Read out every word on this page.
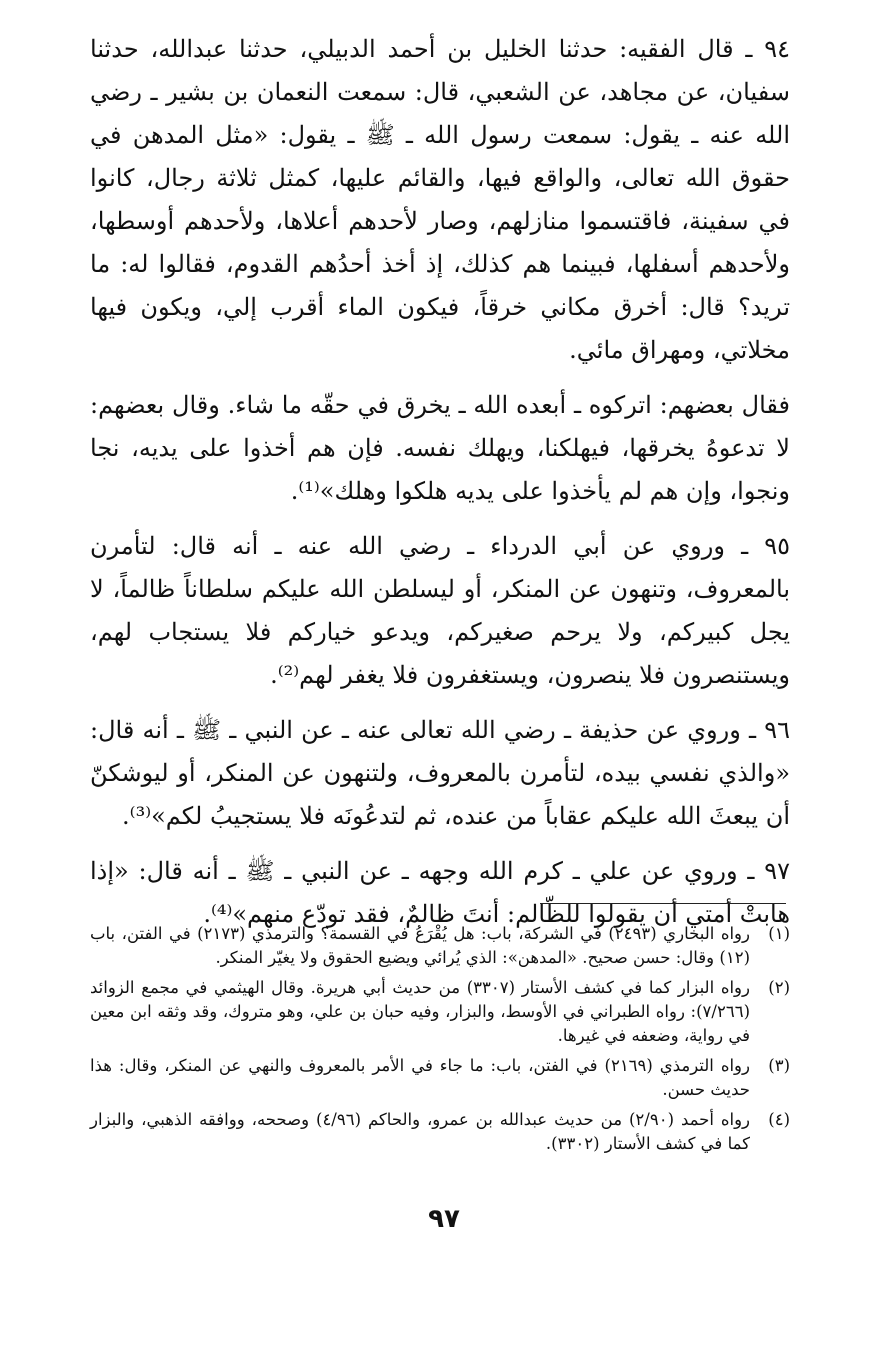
٩٤ ـ قال الفقيه: حدثنا الخليل بن أحمد الدبيلي، حدثنا عبدالله، حدثنا سفيان، عن مجاهد، عن الشعبي، قال: سمعت النعمان بن بشير ـ رضي الله عنه ـ يقول: سمعت رسول الله ـ ﷺ ـ يقول: «مثل المدهن في حقوق الله تعالى، والواقع فيها، والقائم عليها، كمثل ثلاثة رجال، كانوا في سفينة، فاقتسموا منازلهم، وصار لأحدهم أعلاها، ولأحدهم أوسطها، ولأحدهم أسفلها، فبينما هم كذلك، إذ أخذ أحدُهم القدوم، فقالوا له: ما تريد؟ قال: أخرق مكاني خرقاً، فيكون الماء أقرب إلي، ويكون فيها مخلاتي، ومهراق مائي.

فقال بعضهم: اتركوه ـ أبعده الله ـ يخرق في حقّه ما شاء. وقال بعضهم: لا تدعوهُ يخرقها، فيهلكنا، ويهلك نفسه. فإن هم أخذوا على يديه، نجا ونجوا، وإن هم لم يأخذوا على يديه هلكوا وهلك»⁽¹⁾.

٩٥ ـ وروي عن أبي الدرداء ـ رضي الله عنه ـ أنه قال: لتأمرن بالمعروف، وتنهون عن المنكر، أو ليسلطن الله عليكم سلطاناً ظالماً، لا يجل كبيركم، ولا يرحم صغيركم، ويدعو خياركم فلا يستجاب لهم، ويستنصرون فلا ينصرون، ويستغفرون فلا يغفر لهم⁽²⁾.

٩٦ ـ وروي عن حذيفة ـ رضي الله تعالى عنه ـ عن النبي ـ ﷺ ـ أنه قال: «والذي نفسي بيده، لتأمرن بالمعروف، ولتنهون عن المنكر، أو ليوشكنّ أن يبعثَ الله عليكم عقاباً من عنده، ثم لتدعُونَه فلا يستجيبُ لكم»⁽³⁾.

٩٧ ـ وروي عن علي ـ كرم الله وجهه ـ عن النبي ـ ﷺ ـ أنه قال: «إذا هابتْ أمتي أن يقولوا للظّالم: أنتَ ظالمٌ، فقد تودّع منهم»⁽⁴⁾.

(١)
رواه البخاري (٢٤٩٣) في الشركة، باب: هل يُقْرَعُ في القسمة؟ والترمذي (٢١٧٣) في الفتن، باب (١٢) وقال: حسن صحيح. «المدهن»: الذي يُرائي ويضيع الحقوق ولا يغيّر المنكر.
(٢)
رواه البزار كما في كشف الأستار (٣٣٠٧) من حديث أبي هريرة. وقال الهيثمي في مجمع الزوائد (٧/٢٦٦): رواه الطبراني في الأوسط، والبزار، وفيه حبان بن علي، وهو متروك، وقد وثقه ابن معين في رواية، وضعفه في غيرها.
(٣)
رواه الترمذي (٢١٦٩) في الفتن، باب: ما جاء في الأمر بالمعروف والنهي عن المنكر، وقال: هذا حديث حسن.
(٤)
رواه أحمد (٢/٩٠) من حديث عبدالله بن عمرو، والحاكم (٤/٩٦) وصححه، ووافقه الذهبي، والبزار كما في كشف الأستار (٣٣٠٢).
٩٧
